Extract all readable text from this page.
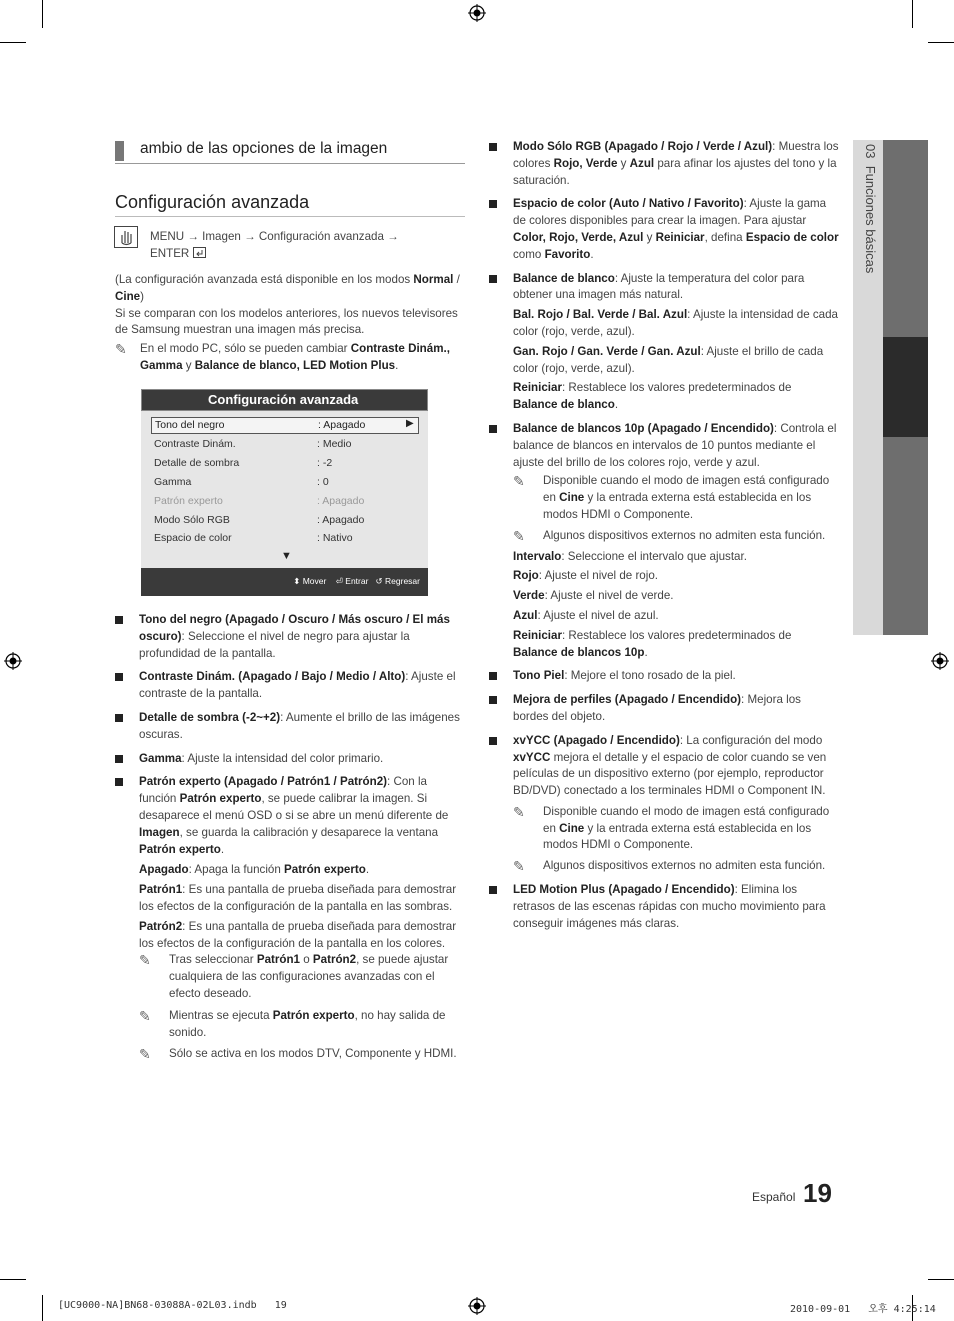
03  Funciones básicas
ambio de las opciones de la imagen
Configuración avanzada
MENU → Imagen → Configuración avanzada →
ENTER

(La configuración avanzada está disponible en los modos Normal / Cine)

Si se comparan con los modelos anteriores, los nuevos televisores de Samsung muestran una imagen más precisa.

✎ En el modo PC, sólo se pueden cambiar Contraste Dinám., Gamma y Balance de blanco, LED Motion Plus.
Configuración avanzada
Tono del negro	: Apagado	▶
Contraste Dinám.	: Medio
Detalle de sombra	: -2
Gamma	: 0
Patrón experto	: Apagado
Modo Sólo RGB	: Apagado
Espacio de color	: Nativo
▼
⬍ Mover ⏎ Entrar ↺ Regresar
Tono del negro (Apagado / Oscuro / Más oscuro / El más oscuro): Seleccione el nivel de negro para ajustar la profundidad de la pantalla.
Contraste Dinám. (Apagado / Bajo / Medio / Alto): Ajuste el contraste de la pantalla.
Detalle de sombra (-2~+2): Aumente el brillo de las imágenes oscuras.
Gamma: Ajuste la intensidad del color primario.
Patrón experto (Apagado / Patrón1 / Patrón2): Con la función Patrón experto, se puede calibrar la imagen. Si desaparece el menú OSD o si se abre un menú diferente de Imagen, se guarda la calibración y desaparece la ventana Patrón experto.
Apagado: Apaga la función Patrón experto.
Patrón1: Es una pantalla de prueba diseñada para demostrar los efectos de la configuración de la pantalla en las sombras.
Patrón2: Es una pantalla de prueba diseñada para demostrar los efectos de la configuración de la pantalla en los colores.
✎ Tras seleccionar Patrón1 o Patrón2, se puede ajustar cualquiera de las configuraciones avanzadas con el efecto deseado.
✎ Mientras se ejecuta Patrón experto, no hay salida de sonido.
✎ Sólo se activa en los modos DTV, Componente y HDMI.
Modo Sólo RGB (Apagado / Rojo / Verde / Azul): Muestra los colores Rojo, Verde y Azul para afinar los ajustes del tono y la saturación.
Espacio de color (Auto / Nativo / Favorito): Ajuste la gama de colores disponibles para crear la imagen. Para ajustar Color, Rojo, Verde, Azul y Reiniciar, defina Espacio de color como Favorito.
Balance de blanco: Ajuste la temperatura del color para obtener una imagen más natural.
Bal. Rojo / Bal. Verde / Bal. Azul: Ajuste la intensidad de cada color (rojo, verde, azul).
Gan. Rojo / Gan. Verde / Gan. Azul: Ajuste el brillo de cada color (rojo, verde, azul).
Reiniciar: Restablece los valores predeterminados de Balance de blanco.
Balance de blancos 10p (Apagado / Encendido): Controla el balance de blancos en intervalos de 10 puntos mediante el ajuste del brillo de los colores rojo, verde y azul.
✎ Disponible cuando el modo de imagen está configurado en Cine y la entrada externa está establecida en los modos HDMI o Componente.
✎ Algunos dispositivos externos no admiten esta función.
Intervalo: Seleccione el intervalo que ajustar.
Rojo: Ajuste el nivel de rojo.
Verde: Ajuste el nivel de verde.
Azul: Ajuste el nivel de azul.
Reiniciar: Restablece los valores predeterminados de Balance de blancos 10p.
Tono Piel: Mejore el tono rosado de la piel.
Mejora de perfiles (Apagado / Encendido): Mejora los bordes del objeto.
xvYCC (Apagado / Encendido): La configuración del modo xvYCC mejora el detalle y el espacio de color cuando se ven películas de un dispositivo externo (por ejemplo, reproductor BD/DVD) conectado a los terminales HDMI o Component IN.
✎ Disponible cuando el modo de imagen está configurado en Cine y la entrada externa está establecida en los modos HDMI o Componente.
✎ Algunos dispositivos externos no admiten esta función.
LED Motion Plus (Apagado / Encendido): Elimina los retrasos de las escenas rápidas con mucho movimiento para conseguir imágenes más claras.
Español 19
[UC9000-NA]BN68-03088A-02L03.indb   19	2010-09-01   오후 4:25:14
